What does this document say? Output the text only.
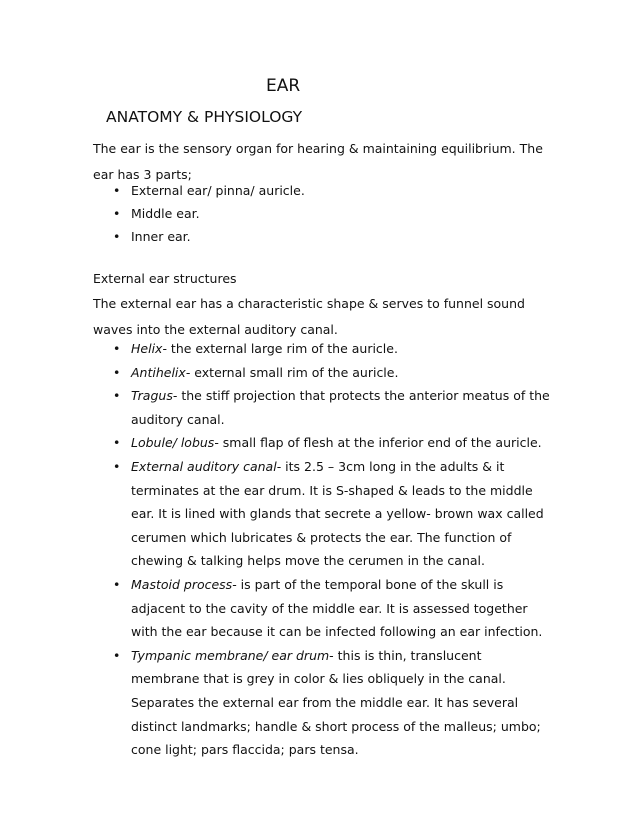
EAR
ANATOMY & PHYSIOLOGY

The ear is the sensory organ for hearing & maintaining equilibrium. The ear has 3 parts;

• External ear/ pinna/ auricle.
• Middle ear.
• Inner ear.
External ear structures

The external ear has a characteristic shape & serves to funnel sound waves into the external auditory canal.

• Helix- the external large rim of the auricle.
• Antihelix- external small rim of the auricle.
• Tragus- the stiff projection that protects the anterior meatus of the auditory canal.
• Lobule/ lobus- small flap of flesh at the inferior end of the auricle.
• External auditory canal- its 2.5 – 3cm long in the adults & it terminates at the ear drum. It is S-shaped & leads to the middle ear. It is lined with glands that secrete a yellow- brown wax called cerumen which lubricates & protects the ear. The function of chewing & talking helps move the cerumen in the canal.
• Mastoid process- is part of the temporal bone of the skull is adjacent to the cavity of the middle ear. It is assessed together with the ear because it can be infected following an ear infection.
• Tympanic membrane/ ear drum- this is thin, translucent membrane that is grey in color & lies obliquely in the canal. Separates the external ear from the middle ear. It has several distinct landmarks; handle & short process of the malleus; umbo; cone light; pars flaccida; pars tensa.
